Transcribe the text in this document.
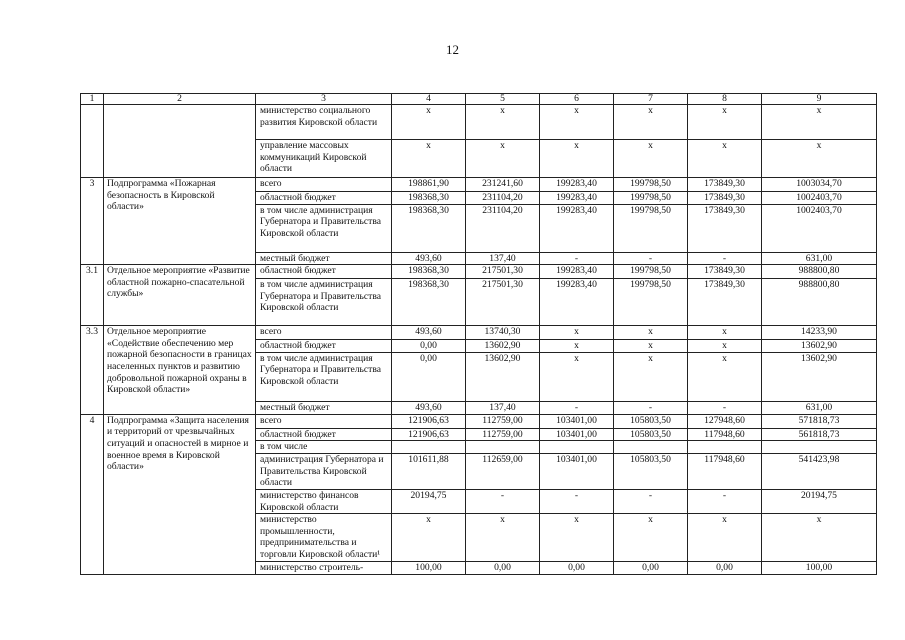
12
1	2	3	4	5	6	7	8	9
		министерство социального развития Кировской области	x	x	x	x	x	x
		управление массовых коммуникаций Кировской области	x	x	x	x	x	x
3	Подпрограмма «Пожарная безопасность в Кировской области»	всего	198861,90	231241,60	199283,40	199798,50	173849,30	1003034,70
		областной бюджет	198368,30	231104,20	199283,40	199798,50	173849,30	1002403,70
		в том числе администрация Губернатора и Правительства Кировской области	198368,30	231104,20	199283,40	199798,50	173849,30	1002403,70
		местный бюджет	493,60	137,40	-	-	-	631,00
3.1	Отдельное мероприятие «Развитие областной пожарно-спасательной службы»	областной бюджет	198368,30	217501,30	199283,40	199798,50	173849,30	988800,80
		в том числе администрация Губернатора и Правительства Кировской области	198368,30	217501,30	199283,40	199798,50	173849,30	988800,80
3.3	Отдельное мероприятие «Содействие обеспечению мер пожарной безопасности в границах населенных пунктов и развитию добровольной пожарной охраны в Кировской области»	всего	493,60	13740,30	x	x	x	14233,90
		областной бюджет	0,00	13602,90	x	x	x	13602,90
		в том числе администрация Губернатора и Правительства Кировской области	0,00	13602,90	x	x	x	13602,90
		местный бюджет	493,60	137,40	-	-	-	631,00
4	Подпрограмма «Защита населения и территорий от чрезвычайных ситуаций и опасностей в мирное и военное время в Кировской области»	всего	121906,63	112759,00	103401,00	105803,50	127948,60	571818,73
		областной бюджет	121906,63	112759,00	103401,00	105803,50	117948,60	561818,73
		в том числе						
		администрация Губернатора и Правительства Кировской области	101611,88	112659,00	103401,00	105803,50	117948,60	541423,98
		министерство финансов Кировской области	20194,75	-	-	-	-	20194,75
		министерство промышленности, предпринимательства и торговли Кировской области¹	x	x	x	x	x	x
		министерство строитель-	100,00	0,00	0,00	0,00	0,00	100,00
